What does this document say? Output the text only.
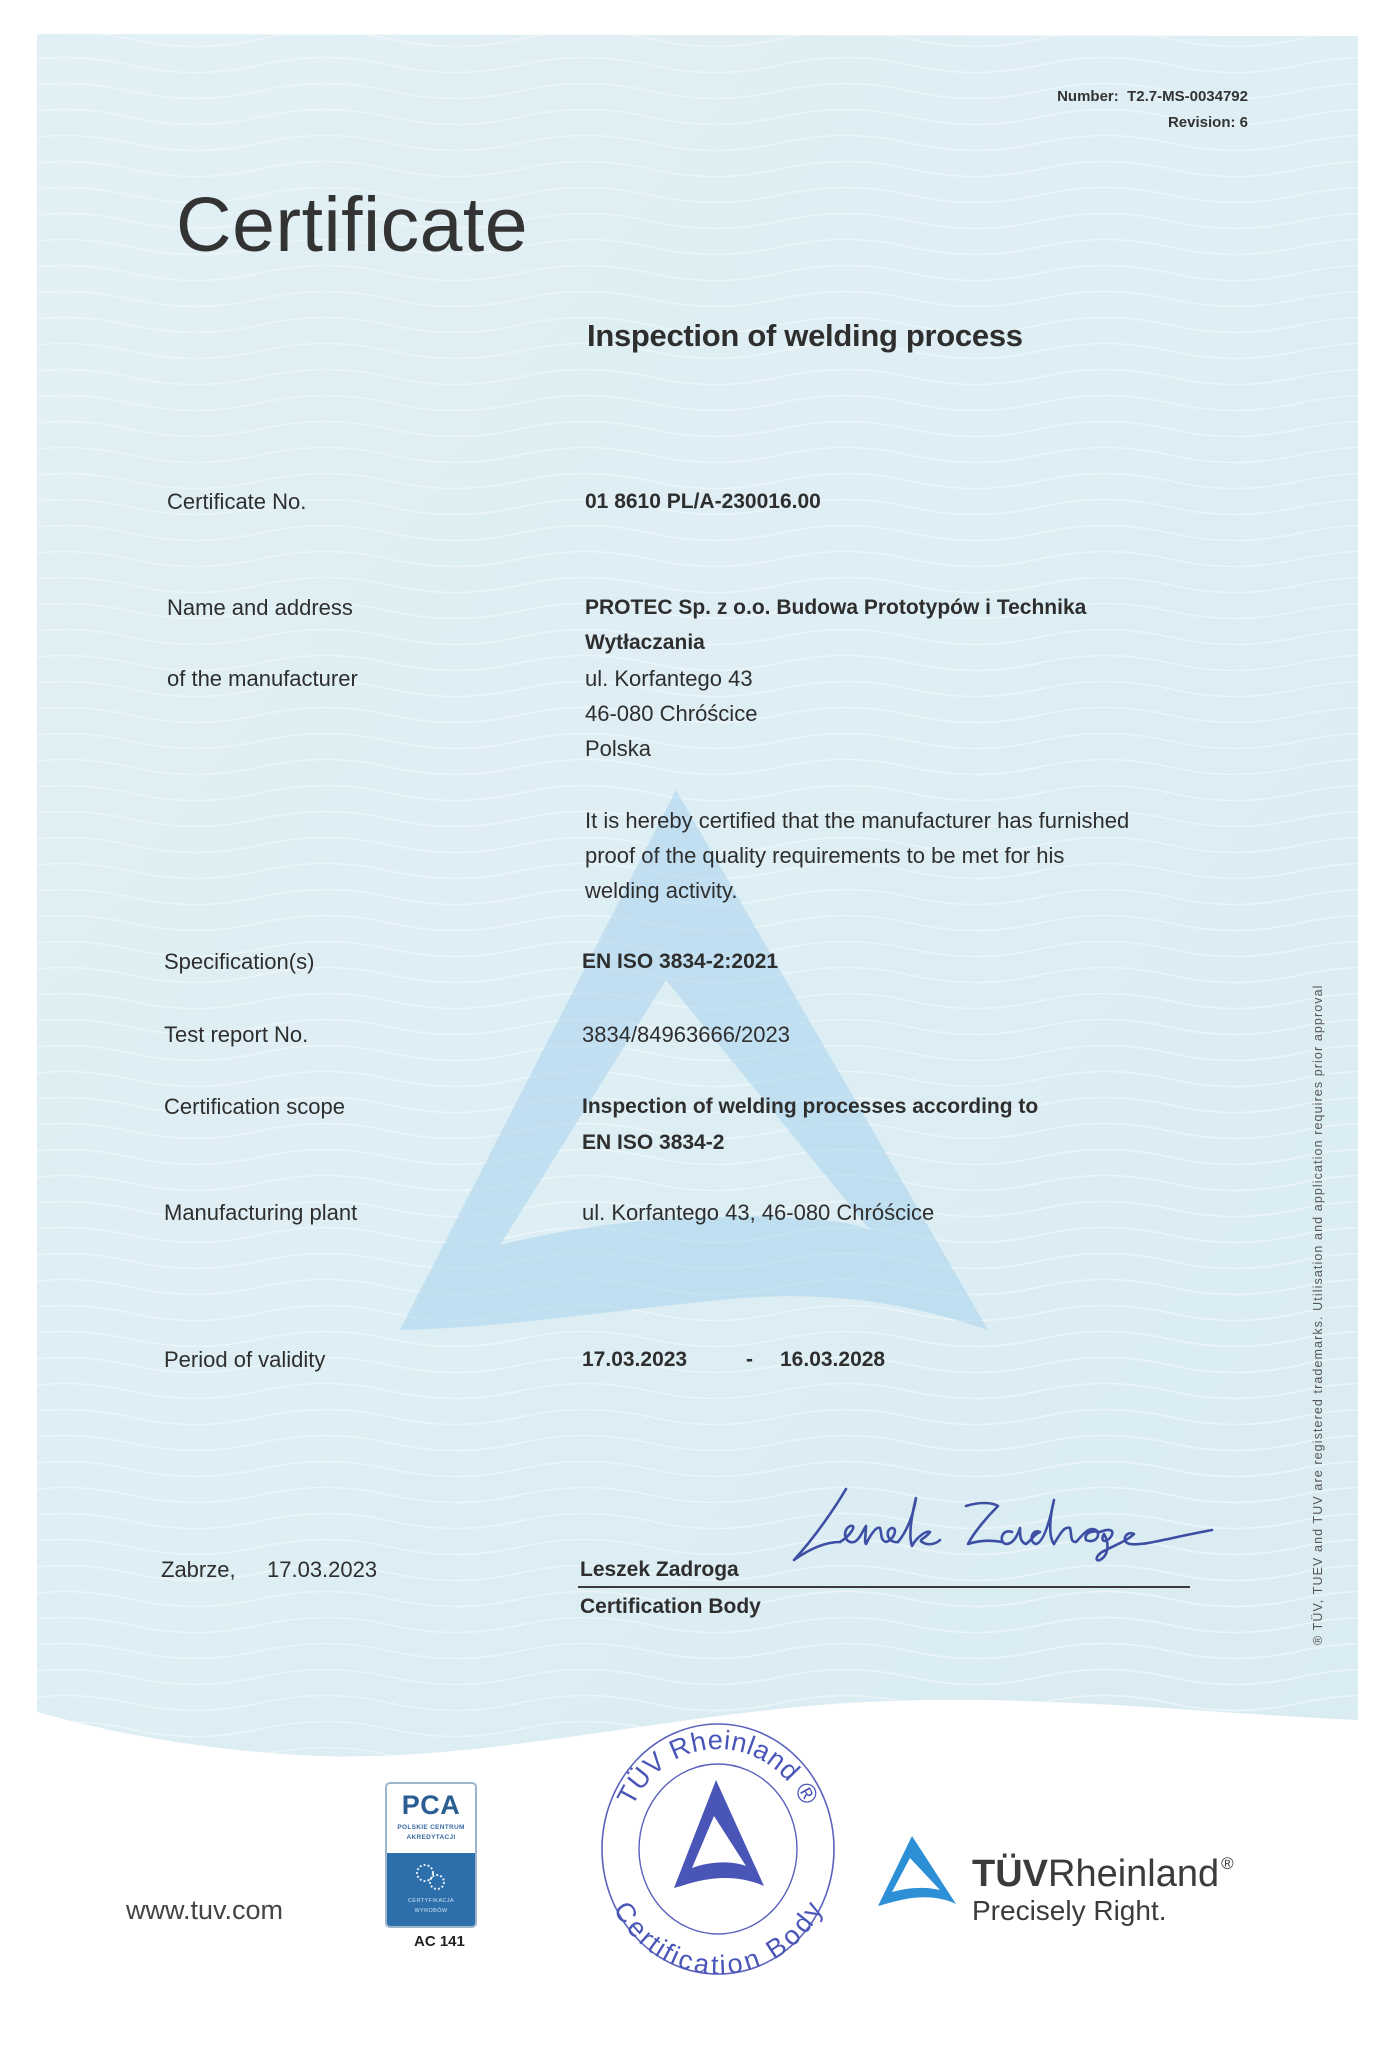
Number: T2.7-MS-0034792
Revision: 6
Certificate
Inspection of welding process
Certificate No.	01 8610 PL/A-230016.00
Name and address
of the manufacturer
PROTEC Sp. z o.o. Budowa Prototypów i Technika
Wytłaczania
ul. Korfantego 43
46-080 Chróścice
Polska
It is hereby certified that the manufacturer has furnished
proof of the quality requirements to be met for his
welding activity.
Specification(s)	EN ISO 3834-2:2021
Test report No.	3834/84963666/2023
Certification scope	Inspection of welding processes according to
EN ISO 3834-2
Manufacturing plant	ul. Korfantego 43, 46-080 Chróścice
Period of validity	17.03.2023	- 16.03.2028
Zabrze, 17.03.2023	Leszek Zadroga
Certification Body	® TÜV, TUEV and TUV are registered trademarks. Utilisation and application requires prior approval
www.tuv.com
PCA
POLSKIE CENTRUM
AKREDYTACJI
CERTYFIKACJA
WYROBÓW
AC 141
TÜV Rheinland ®
Certification Body
TÜVRheinland ®
Precisely Right.
